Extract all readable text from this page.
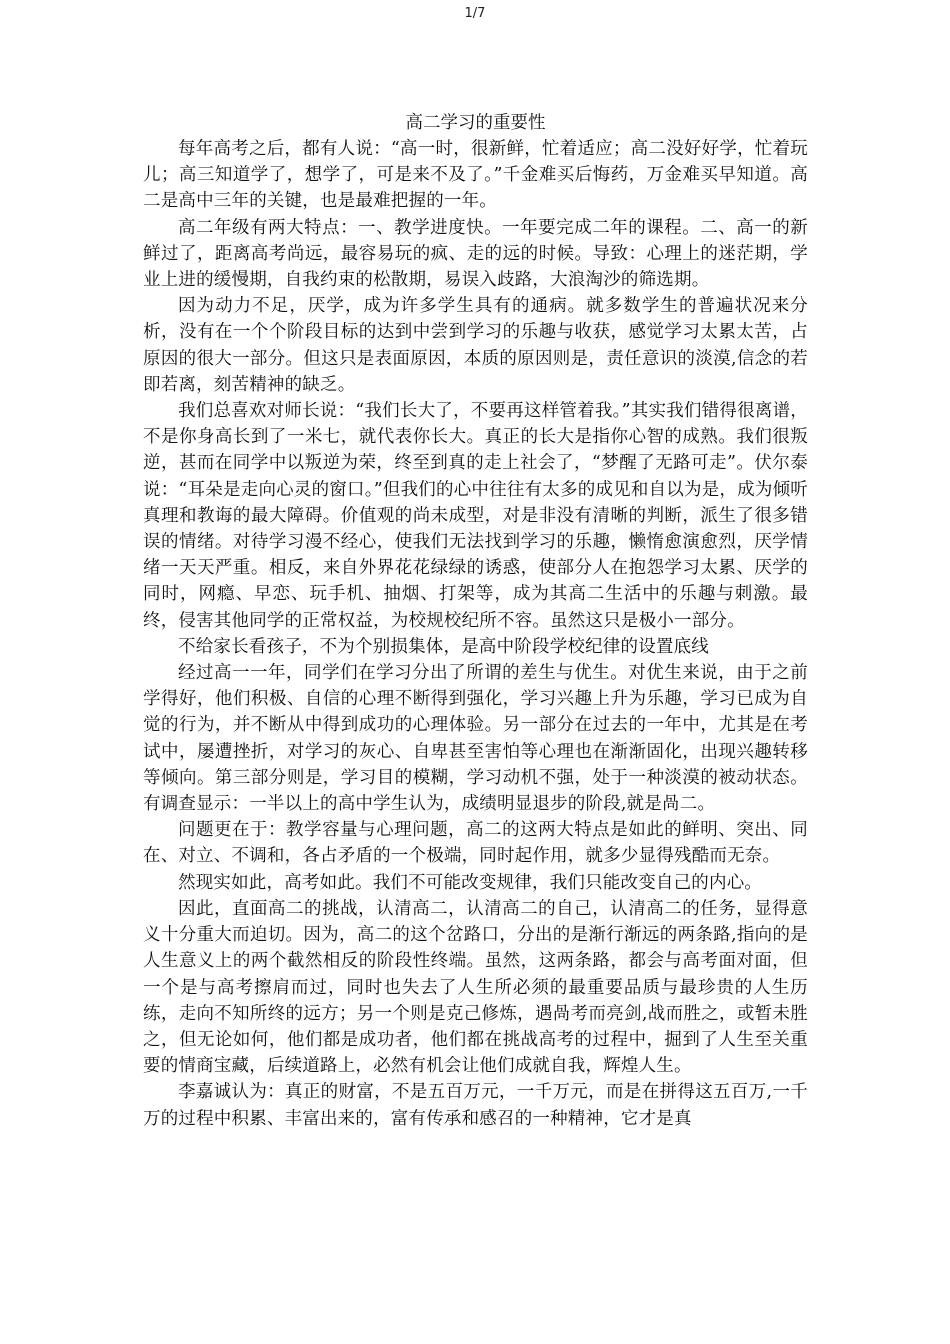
1/7
高二学习的重要性

每年高考之后，都有人说：“高一时，很新鲜，忙着适应；高二没好好学，忙着玩儿；高三知道学了，想学了，可是来不及了。”千金难买后悔药，万金难买早知道。高二是高中三年的关键，也是最难把握的一年。

高二年级有两大特点：一、教学进度快。一年要完成二年的课程。二、高一的新鲜过了，距离高考尚远，最容易玩的疯、走的远的时候。导致：心理上的迷茫期，学业上进的缓慢期，自我约束的松散期，易误入歧路，大浪淘沙的筛选期。

因为动力不足，厌学，成为许多学生具有的通病。就多数学生的普遍状况来分析，没有在一个个阶段目标的达到中尝到学习的乐趣与收获，感觉学习太累太苦，占原因的很大一部分。但这只是表面原因，本质的原因则是，责任意识的淡漠,信念的若即若离，刻苦精神的缺乏。

我们总喜欢对师长说：“我们长大了，不要再这样管着我。”其实我们错得很离谱，不是你身高长到了一米七，就代表你长大。真正的长大是指你心智的成熟。我们很叛逆，甚而在同学中以叛逆为荣，终至到真的走上社会了，“梦醒了无路可走”。伏尔泰说：“耳朵是走向心灵的窗口。”但我们的心中往往有太多的成见和自以为是，成为倾听真理和教诲的最大障碍。价值观的尚未成型，对是非没有清晰的判断，派生了很多错误的情绪。对待学习漫不经心，使我们无法找到学习的乐趣，懒惰愈演愈烈，厌学情绪一天天严重。相反，来自外界花花绿绿的诱惑，使部分人在抱怨学习太累、厌学的同时，网瘾、早恋、玩手机、抽烟、打架等，成为其高二生活中的乐趣与刺激。最终，侵害其他同学的正常权益，为校规校纪所不容。虽然这只是极小一部分。

不给家长看孩子，不为个别损集体，是高中阶段学校纪律的设置底线

经过高一一年，同学们在学习分出了所谓的差生与优生。对优生来说，由于之前学得好，他们积极、自信的心理不断得到强化，学习兴趣上升为乐趣，学习已成为自觉的行为，并不断从中得到成功的心理体验。另一部分在过去的一年中，尤其是在考试中，屡遭挫折，对学习的灰心、自卑甚至害怕等心理也在渐渐固化，出现兴趣转移等倾向。第三部分则是，学习目的模糊，学习动机不强，处于一种淡漠的被动状态。有调查显示：一半以上的高中学生认为，成绩明显退步的阶段,就是咼二。

问题更在于：教学容量与心理问题，高二的这两大特点是如此的鲜明、突出、同在、对立、不调和，各占矛盾的一个极端，同时起作用，就多少显得残酷而无奈。

然现实如此，高考如此。我们不可能改变规律，我们只能改变自己的内心。

因此，直面高二的挑战，认清高二，认清高二的自己，认清高二的任务，显得意义十分重大而迫切。因为，高二的这个岔路口，分出的是渐行渐远的两条路,指向的是人生意义上的两个截然相反的阶段性终端。虽然，这两条路，都会与高考面对面，但一个是与高考擦肩而过，同时也失去了人生所必须的最重要品质与最珍贵的人生历练，走向不知所终的远方；另一个则是克己修炼，遇咼考而亮剑,战而胜之，或暂未胜之，但无论如何，他们都是成功者，他们都在挑战高考的过程中，掘到了人生至关重要的情商宝藏，后续道路上，必然有机会让他们成就自我，辉煌人生。

李嘉诚认为：真正的财富，不是五百万元，一千万元，而是在拼得这五百万,一千万的过程中积累、丰富出来的，富有传承和感召的一种精神，它才是真
